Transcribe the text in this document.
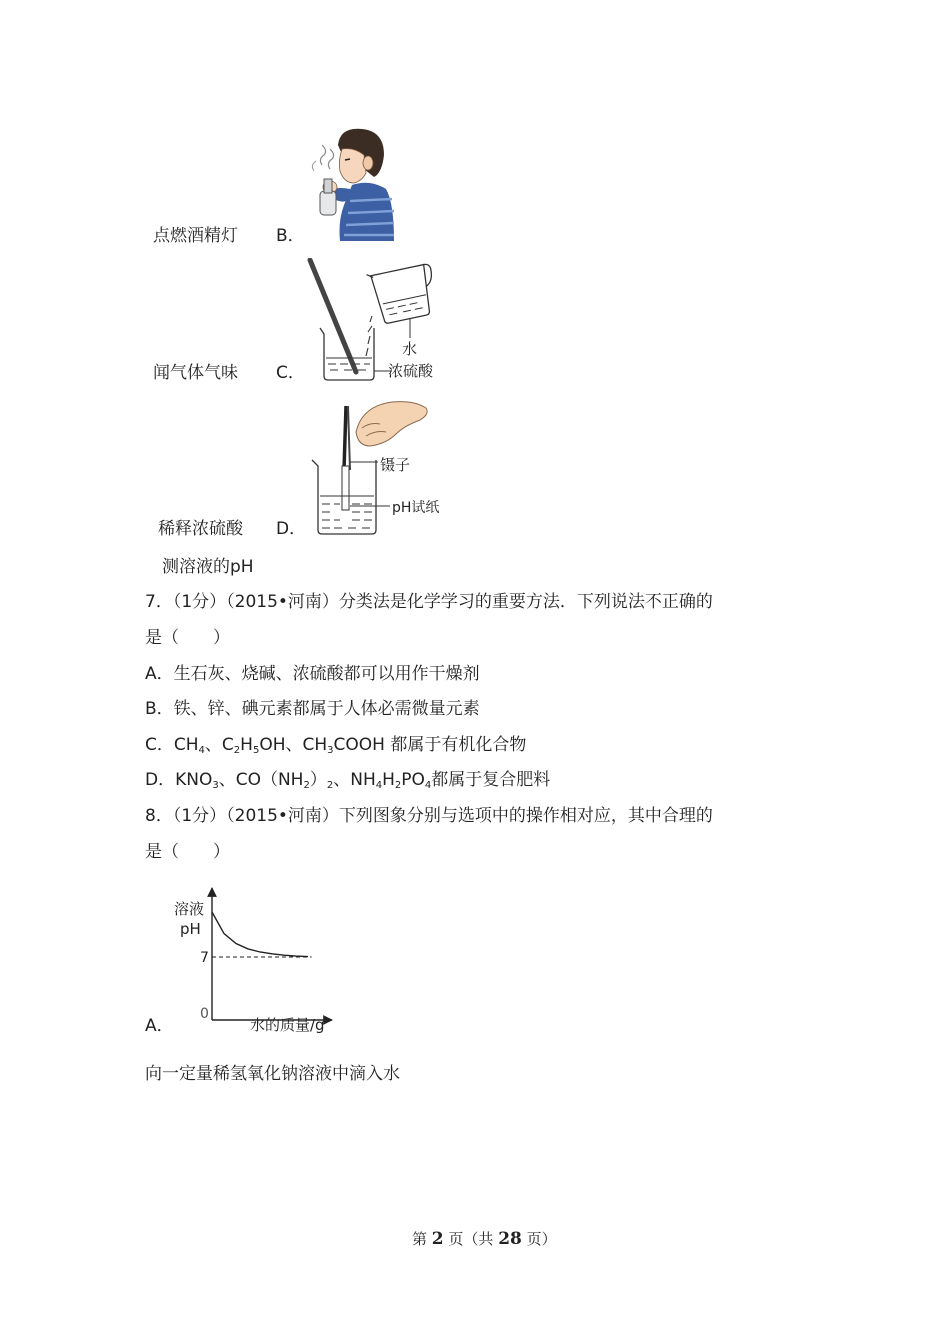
点燃酒精灯 B．
水
浓硫酸
闻气体气味 C．
镊子
pH试纸
稀释浓硫酸 D．
测溶液的pH
7．（1分）（2015•河南）分类法是化学学习的重要方法．下列说法不正确的
是（　　）
A．生石灰、烧碱、浓硫酸都可以用作干燥剂
B．铁、锌、碘元素都属于人体必需微量元素
C．$CH_4$、$C_2H_5OH$、$CH_3COOH$ 都属于有机化合物
D．$KNO_3$、$CO(NH_2)_2$、$NH_4H_2PO_4$都属于复合肥料
8．（1分）（2015•河南）下列图象分别与选项中的操作相对应，其中合理的
是（　　）
溶液
pH
7
0
水的质量/g
A．
向一定量稀氢氧化钠溶液中滴入水
第 2 页（共 28 页）
